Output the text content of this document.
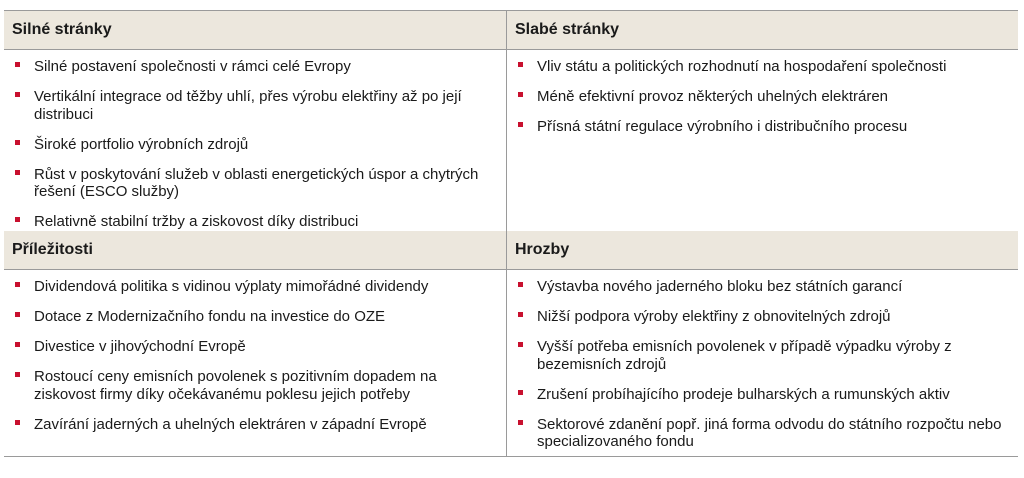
Silné stránky
Silné postavení společnosti v rámci celé Evropy
Vertikální integrace od těžby uhlí, přes výrobu elektřiny až po její distribuci
Široké portfolio výrobních zdrojů
Růst v poskytování služeb v oblasti energetických úspor a chytrých řešení (ESCO služby)
Relativně stabilní tržby a ziskovost díky distribuci
Slabé stránky
Vliv státu a politických rozhodnutí na hospodaření společnosti
Méně efektivní provoz některých uhelných elektráren
Přísná státní regulace výrobního i distribučního procesu
Příležitosti
Dividendová politika s vidinou výplaty mimořádné dividendy
Dotace z Modernizačního fondu na investice do OZE
Divestice v jihovýchodní Evropě
Rostoucí ceny emisních povolenek s pozitivním dopadem na ziskovost firmy díky očekávanému poklesu jejich potřeby
Zavírání jaderných a uhelných elektráren v západní Evropě
Hrozby
Výstavba nového jaderného bloku bez státních garancí
Nižší podpora výroby elektřiny z obnovitelných zdrojů
Vyšší potřeba emisních povolenek v případě výpadku výroby z bezemisních zdrojů
Zrušení probíhajícího prodeje bulharských a rumunských aktiv
Sektorové zdanění popř. jiná forma odvodu do státního rozpočtu nebo specializovaného fondu
